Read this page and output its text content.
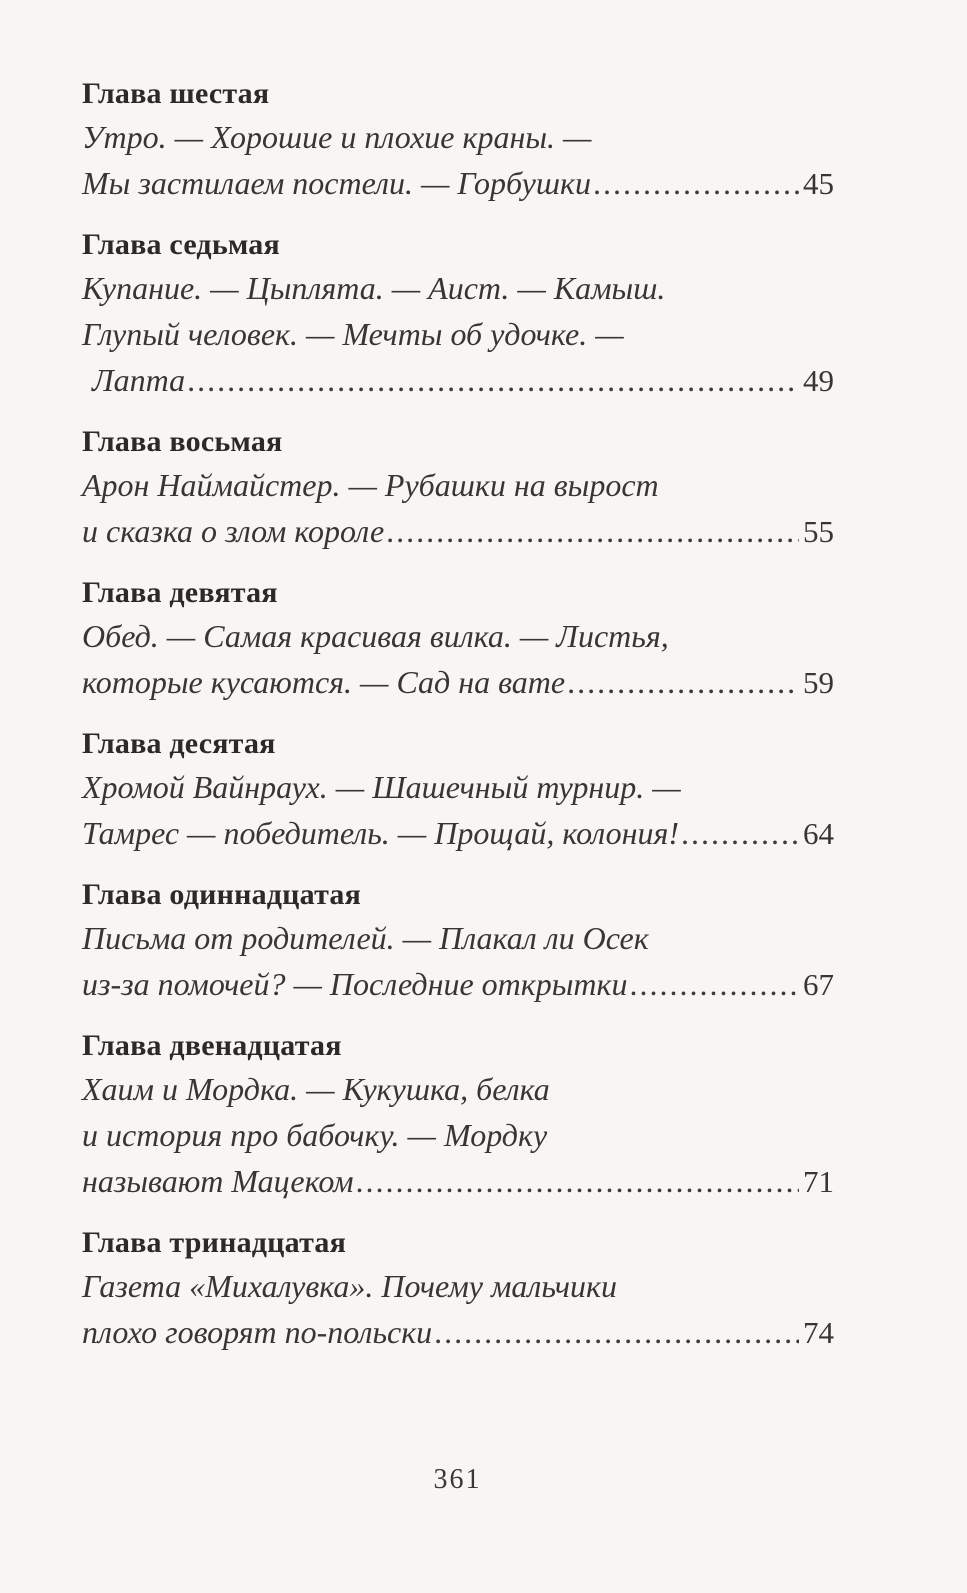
Глава шестая
Утро. — Хорошие и плохие краны. —
Мы застилаем постели. — Горбушки .....	45
Глава седьмая
Купание. — Цыплята. — Аист. — Камыш.
Глупый человек. — Мечты об удочке. —
Лапта .....	49
Глава восьмая
Арон Наймайстер. — Рубашки на вырост
и сказка о злом короле .....	55
Глава девятая
Обед. — Самая красивая вилка. — Листья,
которые кусаются. — Сад на вате .....	59
Глава десятая
Хромой Вайнраух. — Шашечный турнир. —
Тамрес — победитель. — Прощай, колония! .....	64
Глава одиннадцатая
Письма от родителей. — Плакал ли Осек
из-за помочей? — Последние открытки .....	67
Глава двенадцатая
Хаим и Мордка. — Кукушка, белка
и история про бабочку. — Мордку
называют Мацеком .....	71
Глава тринадцатая
Газета «Михалувка». Почему мальчики
плохо говорят по-польски .....	74
361
